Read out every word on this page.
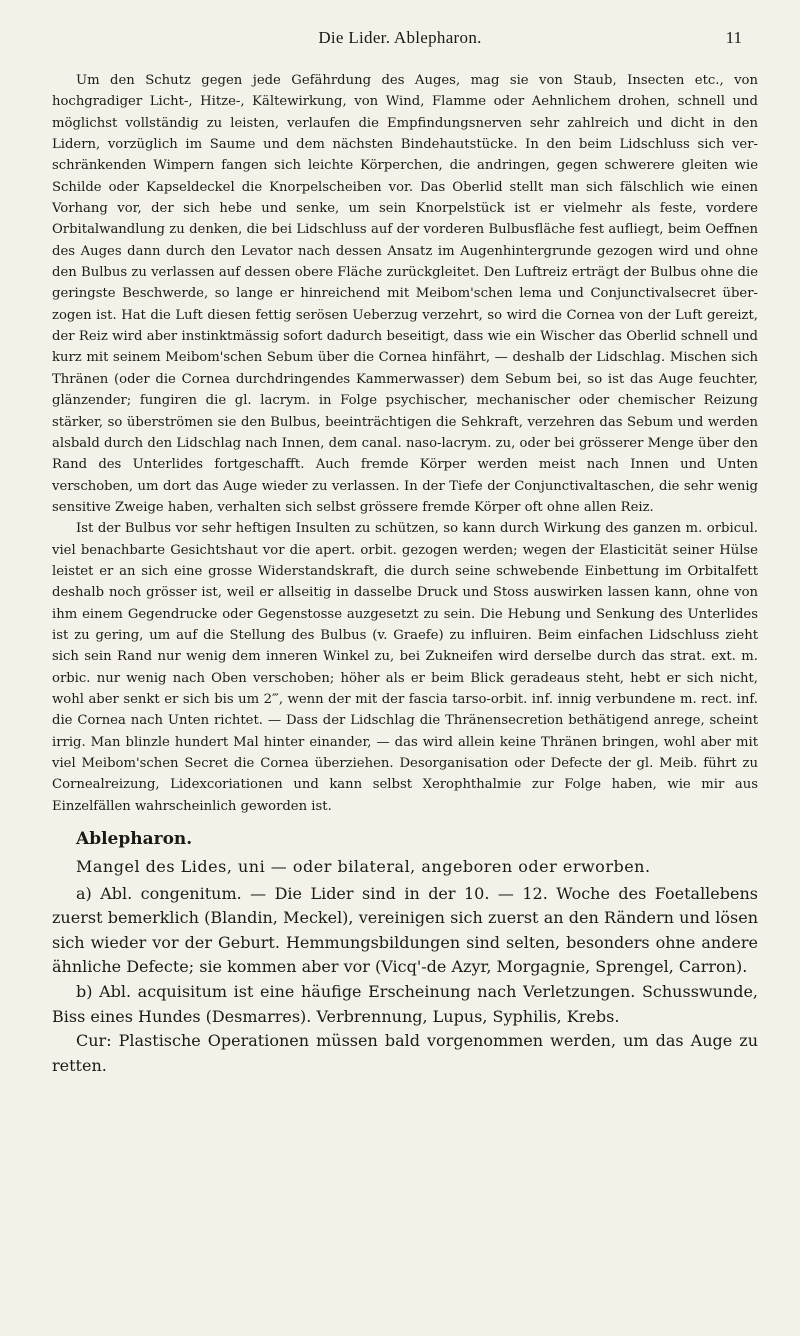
Die Lider. Ablepharon.	11

Um den Schutz gegen jede Gefährdung des Auges, mag sie von Staub, Insecten etc., von hochgradiger Licht-, Hitze-, Kältewirkung, von Wind, Flamme oder Aehnlichem drohen, schnell und möglichst vollständig zu leisten, verlaufen die Empfindungsnerven sehr zahlreich und dicht in den Lidern, vorzüglich im Saume und dem nächsten Bindehautstücke. In den beim Lidschluss sich verschränkenden Wimpern fangen sich leichte Körperchen, die andringen, gegen schwerere gleiten wie Schilde oder Kapseldeckel die Knorpelscheiben vor. Das Oberlid stellt man sich fälschlich wie einen Vorhang vor, der sich hebe und senke, um sein Knorpelstück ist er vielmehr als feste, vordere Orbitalwandlung zu denken, die bei Lidschluss auf der vorderen Bulbusfläche fest aufliegt, beim Oeffnen des Auges dann durch den Levator nach dessen Ansatz im Augenhintergrunde gezogen wird und ohne den Bulbus zu verlassen auf dessen obere Fläche zurückgleitet. Den Luftreiz erträgt der Bulbus ohne die geringste Beschwerde, so lange er hinreichend mit Meibom'schen lema und Conjunctivalsecret überzogen ist. Hat die Luft diesen fettig serösen Ueberzug verzehrt, so wird die Cornea von der Luft gereizt, der Reiz wird aber instinktmässig sofort dadurch beseitigt, dass wie ein Wischer das Oberlid schnell und kurz mit seinem Meibom'schen Sebum über die Cornea hinfährt, — deshalb der Lidschlag. Mischen sich Thränen (oder die Cornea durchdringendes Kammerwasser) dem Sebum bei, so ist das Auge feuchter, glänzender; fungiren die gl. lacrym. in Folge psychischer, mechanischer oder chemischer Reizung stärker, so überströmen sie den Bulbus, beeinträchtigen die Sehkraft, verzehren das Sebum und werden alsbald durch den Lidschlag nach Innen, dem canal. naso-lacrym. zu, oder bei grösserer Menge über den Rand des Unterlides fortgeschafft. Auch fremde Körper werden meist nach Innen und Unten verschoben, um dort das Auge wieder zu verlassen. In der Tiefe der Conjunctivaltaschen, die sehr wenig sensitive Zweige haben, verhalten sich selbst grössere fremde Körper oft ohne allen Reiz.

Ist der Bulbus vor sehr heftigen Insulten zu schützen, so kann durch Wirkung des ganzen m. orbicul. viel benachbarte Gesichtshaut vor die apert. orbit. gezogen werden; wegen der Elasticität seiner Hülse leistet er an sich eine grosse Widerstandskraft, die durch seine schwebende Einbettung im Orbitalfett deshalb noch grösser ist, weil er allseitig in dasselbe Druck und Stoss auswirken lassen kann, ohne von ihm einem Gegendrucke oder Gegenstosse auzgesetzt zu sein. Die Hebung und Senkung des Unterlides ist zu gering, um auf die Stellung des Bulbus (v. Graefe) zu influiren. Beim einfachen Lidschluss zieht sich sein Rand nur wenig dem inneren Winkel zu, bei Zukneifen wird derselbe durch das strat. ext. m. orbic. nur wenig nach Oben verschoben; höher als er beim Blick geradeaus steht, hebt er sich nicht, wohl aber senkt er sich bis um 2‴, wenn der mit der fascia tarso-orbit. inf. innig verbundene m. rect. inf. die Cornea nach Unten richtet. — Dass der Lidschlag die Thränensecretion bethätigend anrege, scheint irrig. Man blinzle hundert Mal hinter einander, — das wird allein keine Thränen bringen, wohl aber mit viel Meibom'schen Secret die Cornea überziehen. Desorganisation oder Defecte der gl. Meib. führt zu Cornealreizung, Lidexcoriationen und kann selbst Xerophthalmie zur Folge haben, wie mir aus Einzelfällen wahrscheinlich geworden ist.

Ablepharon.

Mangel des Lides, uni — oder bilateral, angeboren oder erworben.

a) Abl. congenitum. — Die Lider sind in der 10. — 12. Woche des Foetallebens zuerst bemerklich (Blandin, Meckel), vereinigen sich zuerst an den Rändern und lösen sich wieder vor der Geburt. Hemmungsbildungen sind selten, besonders ohne andere ähnliche Defecte; sie kommen aber vor (Vicq'-de Azyr, Morgagnie, Sprengel, Carron).

b) Abl. acquisitum ist eine häufige Erscheinung nach Verletzungen. Schusswunde, Biss eines Hundes (Desmarres). Verbrennung, Lupus, Syphilis, Krebs.

Cur: Plastische Operationen müssen bald vorgenommen werden, um das Auge zu retten.
